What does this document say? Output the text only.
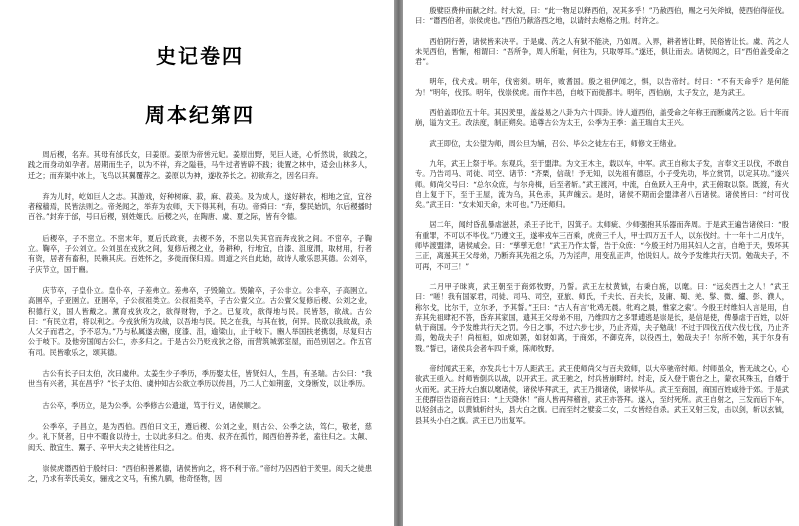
史记卷四
周本纪第四

周后稷，名弃。其母有邰氏女，曰姜原。姜原为帝喾元妃。姜原出野，见巨人迹，心忻然说，欲践之，践之而身动如孕者。居期而生子，以为不祥，弃之隘巷，马牛过者皆辟不践；徙置之林中，适会山林多人，迁之；而弃渠中冰上，飞鸟以其翼覆荐之。姜原以为神，遂收养长之。初欲弃之，因名曰弃。

弃为儿时，屹如巨人之志。其游戏，好种树麻、菽，麻、菽美。及为成人，遂好耕农，相地之宜，宜谷者稼穑焉，民皆法则之。帝尧闻之，举弃为农师，天下得其利，有功。帝舜曰：“弃，黎民始饥，尔后稷播时百谷。”封弃于邰，号曰后稷，别姓姬氏。后稷之兴，在陶唐、虞、夏之际，皆有令德。

后稷卒，子不窋立。不窋末年，夏后氏政衰，去稷不务，不窋以失其官而奔戎狄之间。不窋卒，子鞠立。鞠卒，子公刘立。公刘虽在戎狄之间，复修后稷之业，务耕种，行地宜，自漆、沮度渭，取材用，行者有资，居者有畜积，民赖其庆。百姓怀之，多徙而保归焉。周道之兴自此始，故诗人歌乐思其德。公刘卒，子庆节立，国于豳。

庆节卒，子皇仆立。皇仆卒，子差弗立。差弗卒，子毁隃立。毁隃卒，子公非立。公非卒，子高圉立。高圉卒，子亚圉立。亚圉卒，子公叔祖类立。公叔祖类卒，子古公亶父立。古公亶父复修后稷、公刘之业，积德行义，国人皆戴之。薰育戎狄攻之，欲得财物，予之。已复攻，欲得地与民。民皆怒，欲战。古公曰：“有民立君，将以利之。今戎狄所为攻战，以吾地与民。民之在我，与其在彼，何异。民欲以我故战，杀人父子而君之，予不忍为。”乃与私属遂去豳，度漆、沮，逾梁山，止于岐下。豳人举国扶老携弱，尽复归古公于岐下。及他旁国闻古公仁，亦多归之。于是古公乃贬戎狄之俗，而营筑城郭室屋，而邑别居之。作五官有司。民皆歌乐之，颂其德。

古公有长子曰太伯，次曰虞仲。太姜生少子季历，季历娶太任，皆贤妇人，生昌，有圣瑞。古公曰：“我世当有兴者，其在昌乎？”长子太伯、虞仲知古公欲立季历以传昌，乃二人亡如荆蛮，文身断发，以让季历。

古公卒，季历立，是为公季。公季修古公遗道，笃于行义，诸侯顺之。

公季卒，子昌立，是为西伯。西伯曰文王，遵后稷、公刘之业，则古公、公季之法，笃仁，敬老，慈少。礼下贤者，日中不暇食以待士，士以此多归之。伯夷、叔齐在孤竹，闻西伯善养老，盍往归之。太颠、闳夭、散宜生、鬻子、辛甲大夫之徒皆往归之。

崇侯虎谮西伯于殷纣曰：“西伯积善累德，诸侯皆向之，将不利于帝。”帝纣乃囚西伯于羑里。闳夭之徒患之，乃求有莘氏美女，骊戎之文马，有熊九驷，他奇怪物，因

殷嬖臣费仲而献之纣。纣大说，曰：“此一物足以释西伯，况其多乎！”乃赦西伯，赐之弓矢斧钺，使西伯得征伐。曰：“谮西伯者，崇侯虎也。”西伯乃献洛西之地，以请纣去炮格之刑。纣许之。

西伯阴行善，诸侯皆来决平。于是虞、芮之人有狱不能决，乃如周。入界，耕者皆让畔，民俗皆让长。虞、芮之人未见西伯，皆惭，相谓曰：“吾所争，周人所耻，何往为，只取辱耳。”遂还，俱让而去。诸侯闻之，曰“西伯盖受命之君”。

明年，伐犬戎。明年，伐密须。明年，败耆国。殷之祖伊闻之，惧，以告帝纣。纣曰：“不有天命乎？是何能为！”明年，伐邘。明年，伐崇侯虎。而作丰邑，自岐下而徙都丰。明年，西伯崩，太子发立，是为武王。

西伯盖即位五十年。其囚羑里，盖益易之八卦为六十四卦。诗人道西伯，盖受命之年称王而断虞芮之讼。后十年而崩，谥为文王。改法度，制正朔矣。追尊古公为太王，公季为王季：盖王瑞自太王兴。

武王即位，太公望为师，周公旦为辅，召公、毕公之徒左右王，师修文王绪业。

九年，武王上祭于毕。东观兵，至于盟津。为文王木主，载以车，中军。武王自称太子发，言奉文王以伐，不敢自专。乃告司马、司徒、司空、诸节：“齐栗，信哉！予无知，以先祖有德臣，小子受先功，毕立赏罚，以定其功。”遂兴师。师尚父号曰：“总尔众庶，与尔舟楫，后至者斩。”武王渡河，中流，白鱼跃入王舟中，武王俯取以祭。既渡，有火自上复于下，至于王屋，流为乌，其色赤，其声魄云。是时，诸侯不期而会盟津者八百诸侯。诸侯皆曰：“纣可伐矣。”武王曰：“女未知天命，未可也。”乃还师归。

居二年，闻纣昏乱暴虐滋甚，杀王子比干，囚箕子。太师疵、少师强抱其乐器而奔周。于是武王遍告诸侯曰：“殷有重罪，不可以不毕伐。”乃遵文王，遂率戎车三百乘，虎贲三千人，甲士四万五千人，以东伐纣。十一年十二月戊午，师毕渡盟津，诸侯咸会。曰：“孳孳无怠！”武王乃作太誓，告于众庶：“今殷王纣乃用其妇人之言，自绝于天，毁坏其三正，离逷其王父母弟，乃断弃其先祖之乐，乃为淫声，用变乱正声，怡说妇人。故今予发维共行天罚。勉哉夫子，不可再，不可三！”

二月甲子昧爽，武王朝至于商郊牧野，乃誓。武王左杖黄钺，右秉白旄，以麾。曰：“远矣西土之人！”武王曰：“嗟！我有国冢君，司徒、司马、司空，亚旅、师氏，千夫长、百夫长，及庸、蜀、羌、髳、微、纑、彭、濮人，称尔戈，比尔干，立尔矛，予其誓。”王曰：“古人有言‘牝鸡无晨。牝鸡之晨，惟家之索’。今殷王纣维妇人言是用，自弃其先祖肆祀不答，昏弃其家国，遗其王父母弟不用，乃维四方之多罪逋逃是崇是长，是信是使，俾暴虐于百姓，以奸轨于商国。今予发维共行天之罚。今日之事，不过六步七步，乃止齐焉，夫子勉哉！不过于四伐五伐六伐七伐，乃止齐焉，勉哉夫子！尚桓桓，如虎如罴，如豺如离，于商郊，不御克奔，以役西土，勉哉夫子！尔所不勉，其于尔身有戮。”誓已，诸侯兵会者车四千乘，陈师牧野。

帝纣闻武王来，亦发兵七十万人距武王。武王使师尚父与百夫致师，以大卒驰帝纣师。纣师虽众，皆无战之心，心欲武王亟入。纣师皆倒兵以战，以开武王。武王驰之，纣兵皆崩畔纣。纣走，反入登于鹿台之上，蒙衣其殊玉，自燔于火而死。武王持大白旗以麾诸侯，诸侯毕拜武王，武王乃揖诸侯，诸侯毕从。武王至商国，商国百姓咸待于郊。于是武王使群臣告语商百姓曰：“上天降休！”商人皆再拜稽首，武王亦答拜。遂入，至纣死所。武王自射之，三发而后下车，以轻剑击之，以黄钺斩纣头，县大白之旗。已而至纣之嬖妾二女，二女皆经自杀。武王又射三发，击以剑，斩以玄钺，县其头小白之旗。武王已乃出复军。
